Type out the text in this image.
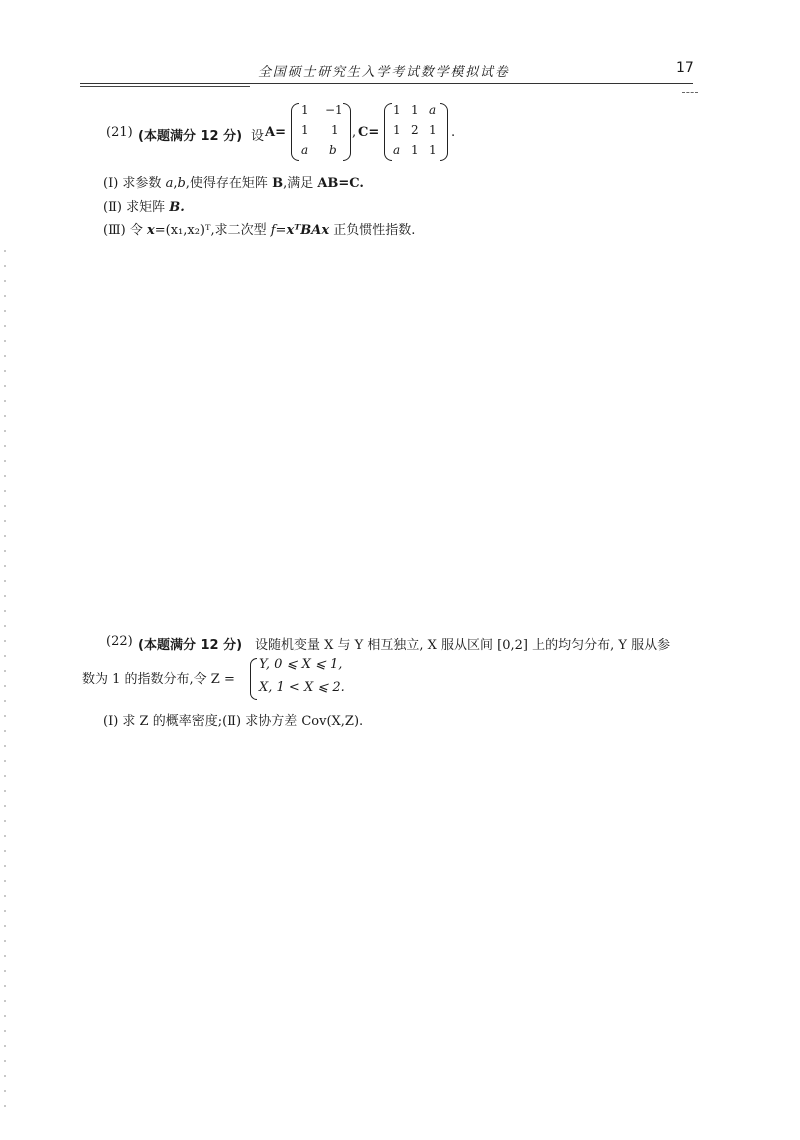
全国硕士研究生入学考试数学模拟试卷	17
(21) (本题满分 12 分) 设 A=
1 −1
1 1
a b
, C=
1 1 a
1 2 1
a 1 1
.
(Ⅰ) 求参数 a,b,使得存在矩阵 B,满足 AB=C.
(Ⅱ) 求矩阵 B.
(Ⅲ) 令 x=(x₁,x₂)ᵀ,求二次型 f=xᵀBAx 正负惯性指数.
(22) (本题满分 12 分) 设随机变量 X 与 Y 相互独立, X 服从区间 [0,2] 上的均匀分布, Y 服从参
数为 1 的指数分布,令 Z =
Y, 0 ⩽ X ⩽ 1,
X, 1 < X ⩽ 2.
(Ⅰ) 求 Z 的概率密度;(Ⅱ) 求协方差 Cov(X,Z).
